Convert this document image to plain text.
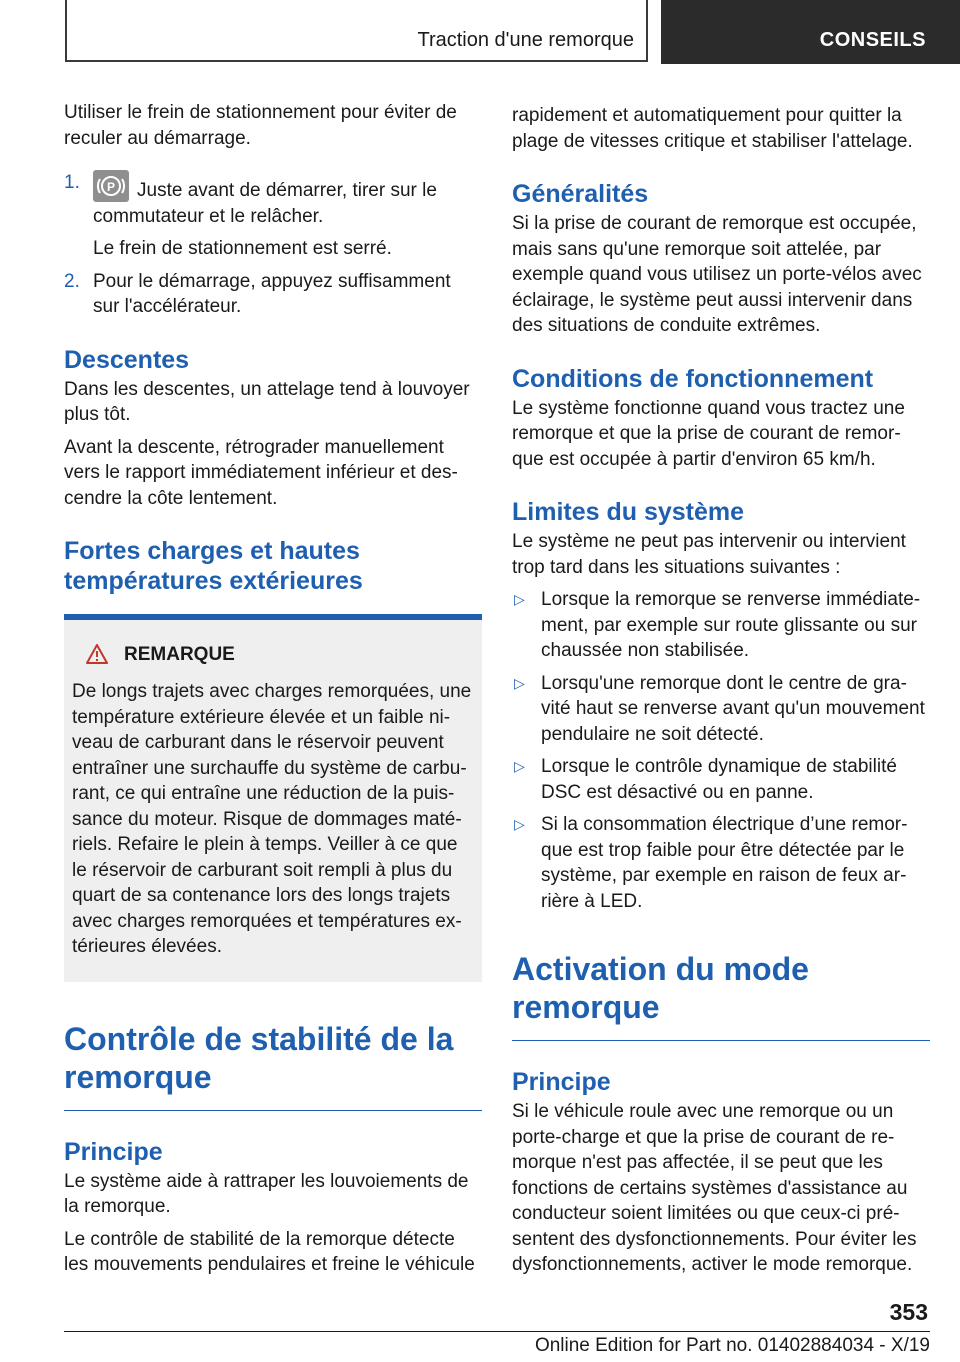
Traction d'une remorque	CONSEILS

Utiliser le frein de stationnement pour éviter de reculer au démarrage.

1. P Juste avant de démarrer, tirer sur le commutateur et le relâcher.

Le frein de stationnement est serré.

2. Pour le démarrage, appuyez suffisamment sur l'accélérateur.
Descentes

Dans les descentes, un attelage tend à louvoyer plus tôt.

Avant la descente, rétrograder manuellement vers le rapport immédiatement inférieur et des- cendre la côte lentement.

Fortes charges et hautes températures extérieures
REMARQUE

De longs trajets avec charges remorquées, une température extérieure élevée et un faible ni- veau de carburant dans le réservoir peuvent entraîner une surchauffe du système de carbu- rant, ce qui entraîne une réduction de la puis- sance du moteur. Risque de dommages maté- riels. Refaire le plein à temps. Veiller à ce que le réservoir de carburant soit rempli à plus du quart de sa contenance lors des longs trajets avec charges remorquées et températures ex- térieures élevées.

Contrôle de stabilité de la remorque
Principe

Le système aide à rattraper les louvoiements de la remorque.

Le contrôle de stabilité de la remorque détecte les mouvements pendulaires et freine le véhicule

rapidement et automatiquement pour quitter la plage de vitesses critique et stabiliser l'attelage.

Généralités

Si la prise de courant de remorque est occupée, mais sans qu'une remorque soit attelée, par exemple quand vous utilisez un porte-vélos avec éclairage, le système peut aussi intervenir dans des situations de conduite extrêmes.

Conditions de fonctionnement

Le système fonctionne quand vous tractez une remorque et que la prise de courant de remor- que est occupée à partir d'environ 65 km/h.

Limites du système

Le système ne peut pas intervenir ou intervient trop tard dans les situations suivantes :

▷ Lorsque la remorque se renverse immédiate- ment, par exemple sur route glissante ou sur chaussée non stabilisée.
▷ Lorsqu'une remorque dont le centre de gra- vité haut se renverse avant qu'un mouvement pendulaire ne soit détecté.
▷ Lorsque le contrôle dynamique de stabilité DSC est désactivé ou en panne.
▷ Si la consommation électrique d’une remor- que est trop faible pour être détectée par le système, par exemple en raison de feux ar- rière à LED.
Activation du mode remorque
Principe

Si le véhicule roule avec une remorque ou un porte-charge et que la prise de courant de re- morque n'est pas affectée, il se peut que les fonctions de certains systèmes d'assistance au conducteur soient limitées ou que ceux-ci pré- sentent des dysfonctionnements. Pour éviter les dysfonctionnements, activer le mode remorque.

353
Online Edition for Part no. 01402884034 - X/19
